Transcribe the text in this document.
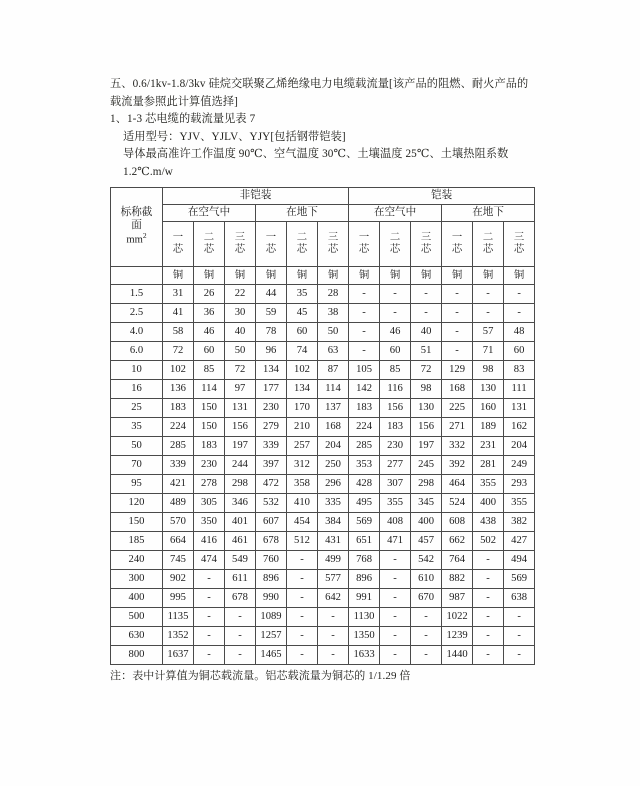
五、0.6/1kv-1.8/3kv 硅烷交联聚乙烯绝缘电力电缆载流量[该产品的阻燃、耐火产品的载流量参照此计算值选择]

1、1-3 芯电缆的载流量见表 7

适用型号：YJV、YJLV、YJY[包括钢带铠装]

导体最高准许工作温度 90℃、空气温度 30℃、土壤温度 25℃、土壤热阻系数 1.2℃.m/w

标称截
面
$mm^2$	非铠装						铠装					
	在空气中			在地下			在空气中			在地下		

	一芯	二芯	三芯	一芯	二芯	三芯	一芯	二芯	三芯	一芯	二芯	三芯

	铜	铜	铜	铜	铜	铜	铜	铜	铜	铜	铜	铜
1.5	31	26	22	44	35	28	-	-	-	-	-	-
2.5	41	36	30	59	45	38	-	-	-	-	-	-
4.0	58	46	40	78	60	50	-	46	40	-	57	48
6.0	72	60	50	96	74	63	-	60	51	-	71	60
10	102	85	72	134	102	87	105	85	72	129	98	83
16	136	114	97	177	134	114	142	116	98	168	130	111
25	183	150	131	230	170	137	183	156	130	225	160	131
35	224	150	156	279	210	168	224	183	156	271	189	162
50	285	183	197	339	257	204	285	230	197	332	231	204
70	339	230	244	397	312	250	353	277	245	392	281	249
95	421	278	298	472	358	296	428	307	298	464	355	293
120	489	305	346	532	410	335	495	355	345	524	400	355
150	570	350	401	607	454	384	569	408	400	608	438	382
185	664	416	461	678	512	431	651	471	457	662	502	427
240	745	474	549	760	-	499	768	-	542	764	-	494
300	902	-	611	896	-	577	896	-	610	882	-	569
400	995	-	678	990	-	642	991	-	670	987	-	638
500	1135	-	-	1089	-	-	1130	-	-	1022	-	-
630	1352	-	-	1257	-	-	1350	-	-	1239	-	-
800	1637	-	-	1465	-	-	1633	-	-	1440	-	-
注：表中计算值为铜芯载流量。铝芯载流量为铜芯的 1/1.29 倍
